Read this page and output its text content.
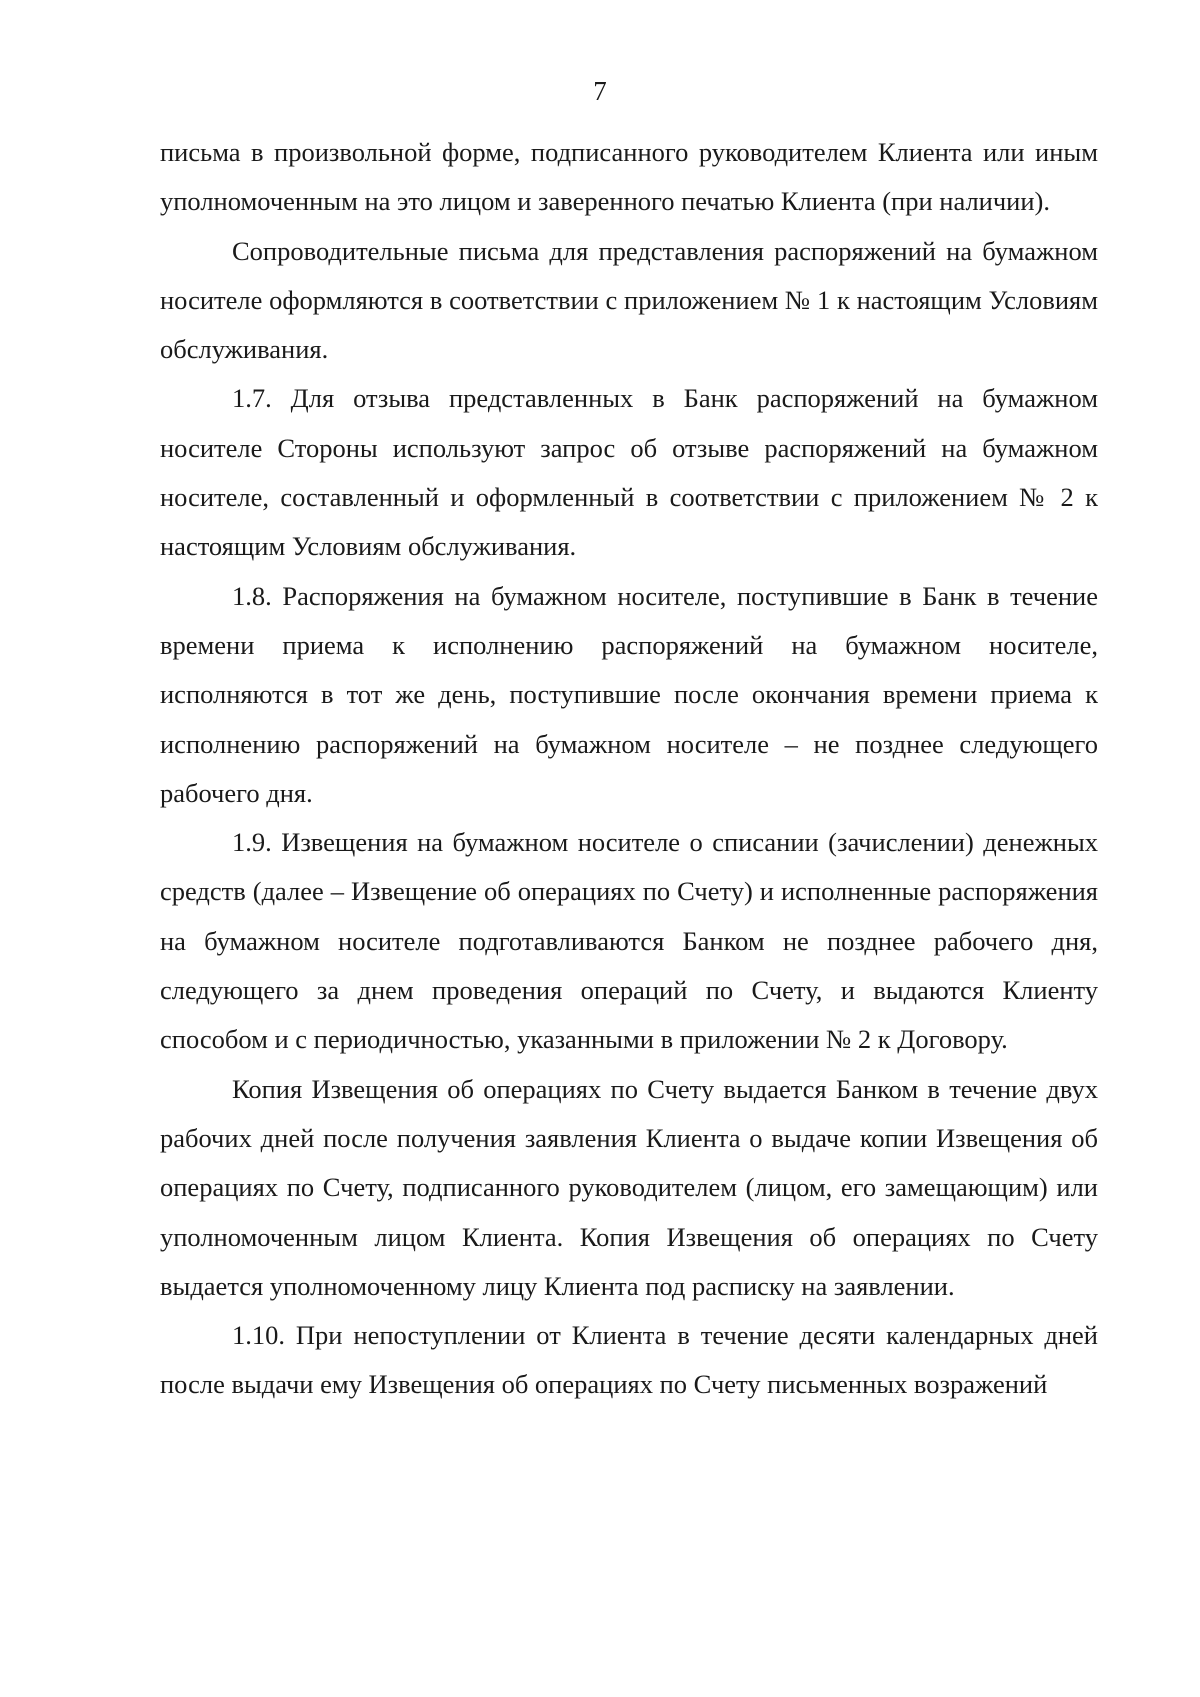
7

письма в произвольной форме, подписанного руководителем Клиента или иным уполномоченным на это лицом и заверенного печатью Клиента (при наличии).

Сопроводительные письма для представления распоряжений на бумажном носителе оформляются в соответствии с приложением № 1 к настоящим Условиям обслуживания.

1.7. Для отзыва представленных в Банк распоряжений на бумажном носителе Стороны используют запрос об отзыве распоряжений на бумажном носителе, составленный и оформленный в соответствии с приложением № 2 к настоящим Условиям обслуживания.

1.8. Распоряжения на бумажном носителе, поступившие в Банк в течение времени приема к исполнению распоряжений на бумажном носителе, исполняются в тот же день, поступившие после окончания времени приема к исполнению распоряжений на бумажном носителе – не позднее следующего рабочего дня.

1.9. Извещения на бумажном носителе о списании (зачислении) денежных средств (далее – Извещение об операциях по Счету) и исполненные распоряжения на бумажном носителе подготавливаются Банком не позднее рабочего дня, следующего за днем проведения операций по Счету, и выдаются Клиенту способом и с периодичностью, указанными в приложении № 2 к Договору.

Копия Извещения об операциях по Счету выдается Банком в течение двух рабочих дней после получения заявления Клиента о выдаче копии Извещения об операциях по Счету, подписанного руководителем (лицом, его замещающим) или уполномоченным лицом Клиента. Копия Извещения об операциях по Счету выдается уполномоченному лицу Клиента под расписку на заявлении.

1.10. При непоступлении от Клиента в течение десяти календарных дней после выдачи ему Извещения об операциях по Счету письменных возражений
